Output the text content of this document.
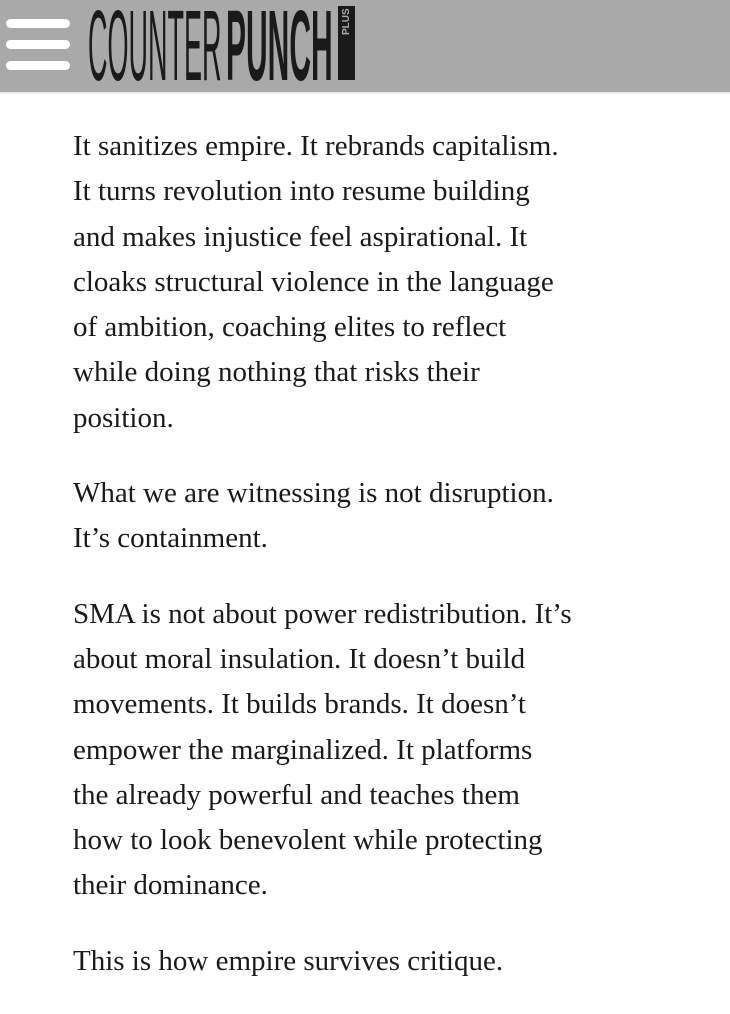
COUNTER PUNCH PLUS

It sanitizes empire. It rebrands capitalism.
It turns revolution into resume building
and makes injustice feel aspirational. It
cloaks structural violence in the language
of ambition, coaching elites to reflect
while doing nothing that risks their
position.

What we are witnessing is not disruption.
It’s containment.

SMA is not about power redistribution. It’s
about moral insulation. It doesn’t build
movements. It builds brands. It doesn’t
empower the marginalized. It platforms
the already powerful and teaches them
how to look benevolent while protecting
their dominance.

This is how empire survives critique.
